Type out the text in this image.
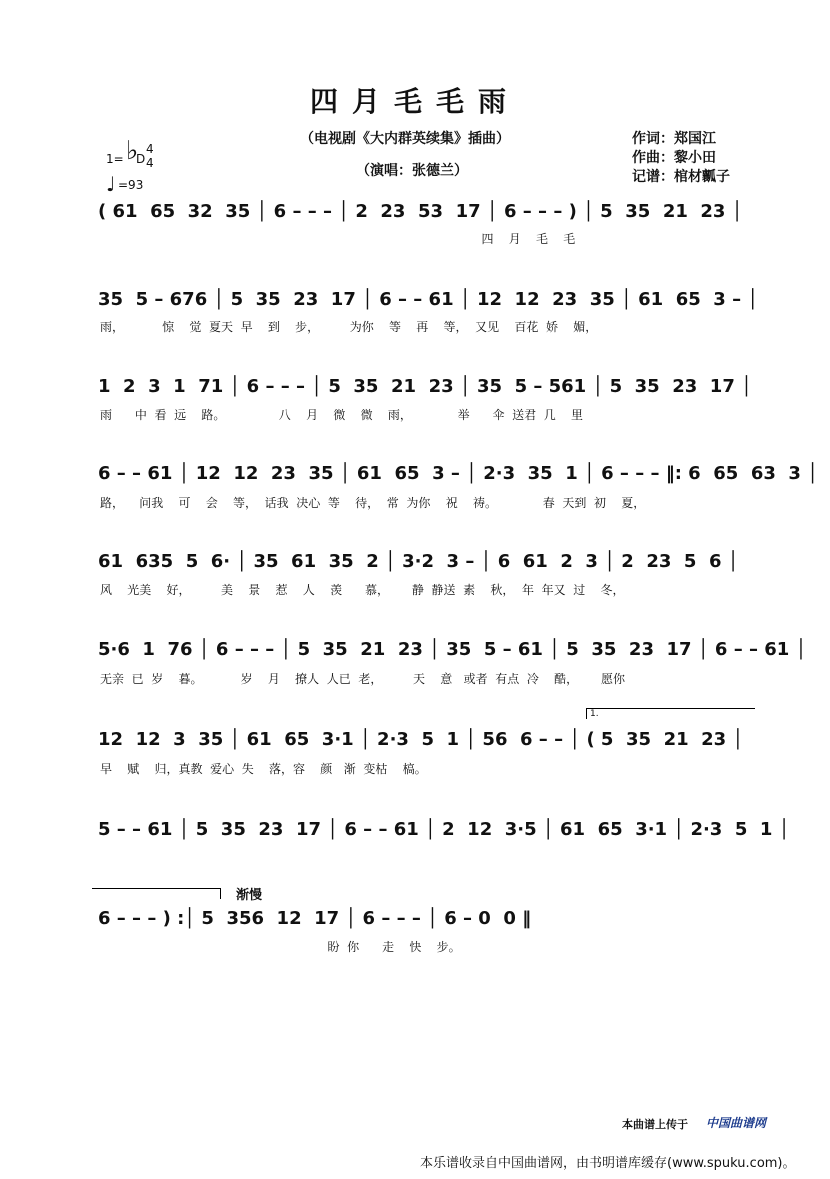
四月毛毛雨
（电视剧《大内群英续集》插曲）
（演唱：张德兰）
作词：郑国江
作曲：黎小田
记谱：棺材瓤子
1= ♭
D
4
4
♩ =93
( 61  65  32  35 │ 6 – – – │ 2  23  53  17 │ 6 – – – ) │ 5  35  21  23 │
四    月    毛    毛
35  5 – 676 │ 5  35  23  17 │ 6 – – 61 │ 12  12  23  35 │ 61  65  3 – │
雨，          惊    觉  夏天  早    到    步，        为你    等    再    等，  又见    百花  娇    媚，
1  2  3  1  71 │ 6 – – – │ 5  35  21  23 │ 35  5 – 561 │ 5  35  23  17 │
雨      中  看  远    路。              八    月    微    微    雨，            举      伞  送君  几    里
6 – – 61 │ 12  12  23  35 │ 61  65  3 – │ 2·3  35  1 │ 6 – – – ‖: 6  65  63  3 │
路，    问我    可    会    等，  话我  决心  等    待，  常  为你    祝    祷。            春  天到  初    夏，
61  635  5  6· │ 35  61  35  2 │ 3·2  3 – │ 6  61  2  3 │ 2  23  5  6 │
风    光美    好，        美    景    惹    人    羡      慕，      静  静送  素    秋，  年  年又  过    冬，
5·6  1  76 │ 6 – – – │ 5  35  21  23 │ 35  5 – 61 │ 5  35  23  17 │ 6 – – 61 │
无亲  已  岁    暮。          岁    月    撩人  人已  老，        天    意   或者  有点  冷    酷，      愿你
12  12  3  35 │ 61  65  3·1 │ 2·3  5  1 │ 56  6 – – │ ( 5  35  21  23 │
早    赋    归，真教  爱心  失    落，容    颜   渐  变枯    槁。
5 – – 61 │ 5  35  23  17 │ 6 – – 61 │ 2  12  3·5 │ 61  65  3·1 │ 2·3  5  1 │
6 – – – ) :│ 5  356  12  17 │ 6 – – – │ 6 – 0  0 ‖
盼  你      走    快    步。
1.
渐慢
本曲谱上传于 中国曲谱网
本乐谱收录自中国曲谱网，由书明谱库缓存(www.spuku.com)。
